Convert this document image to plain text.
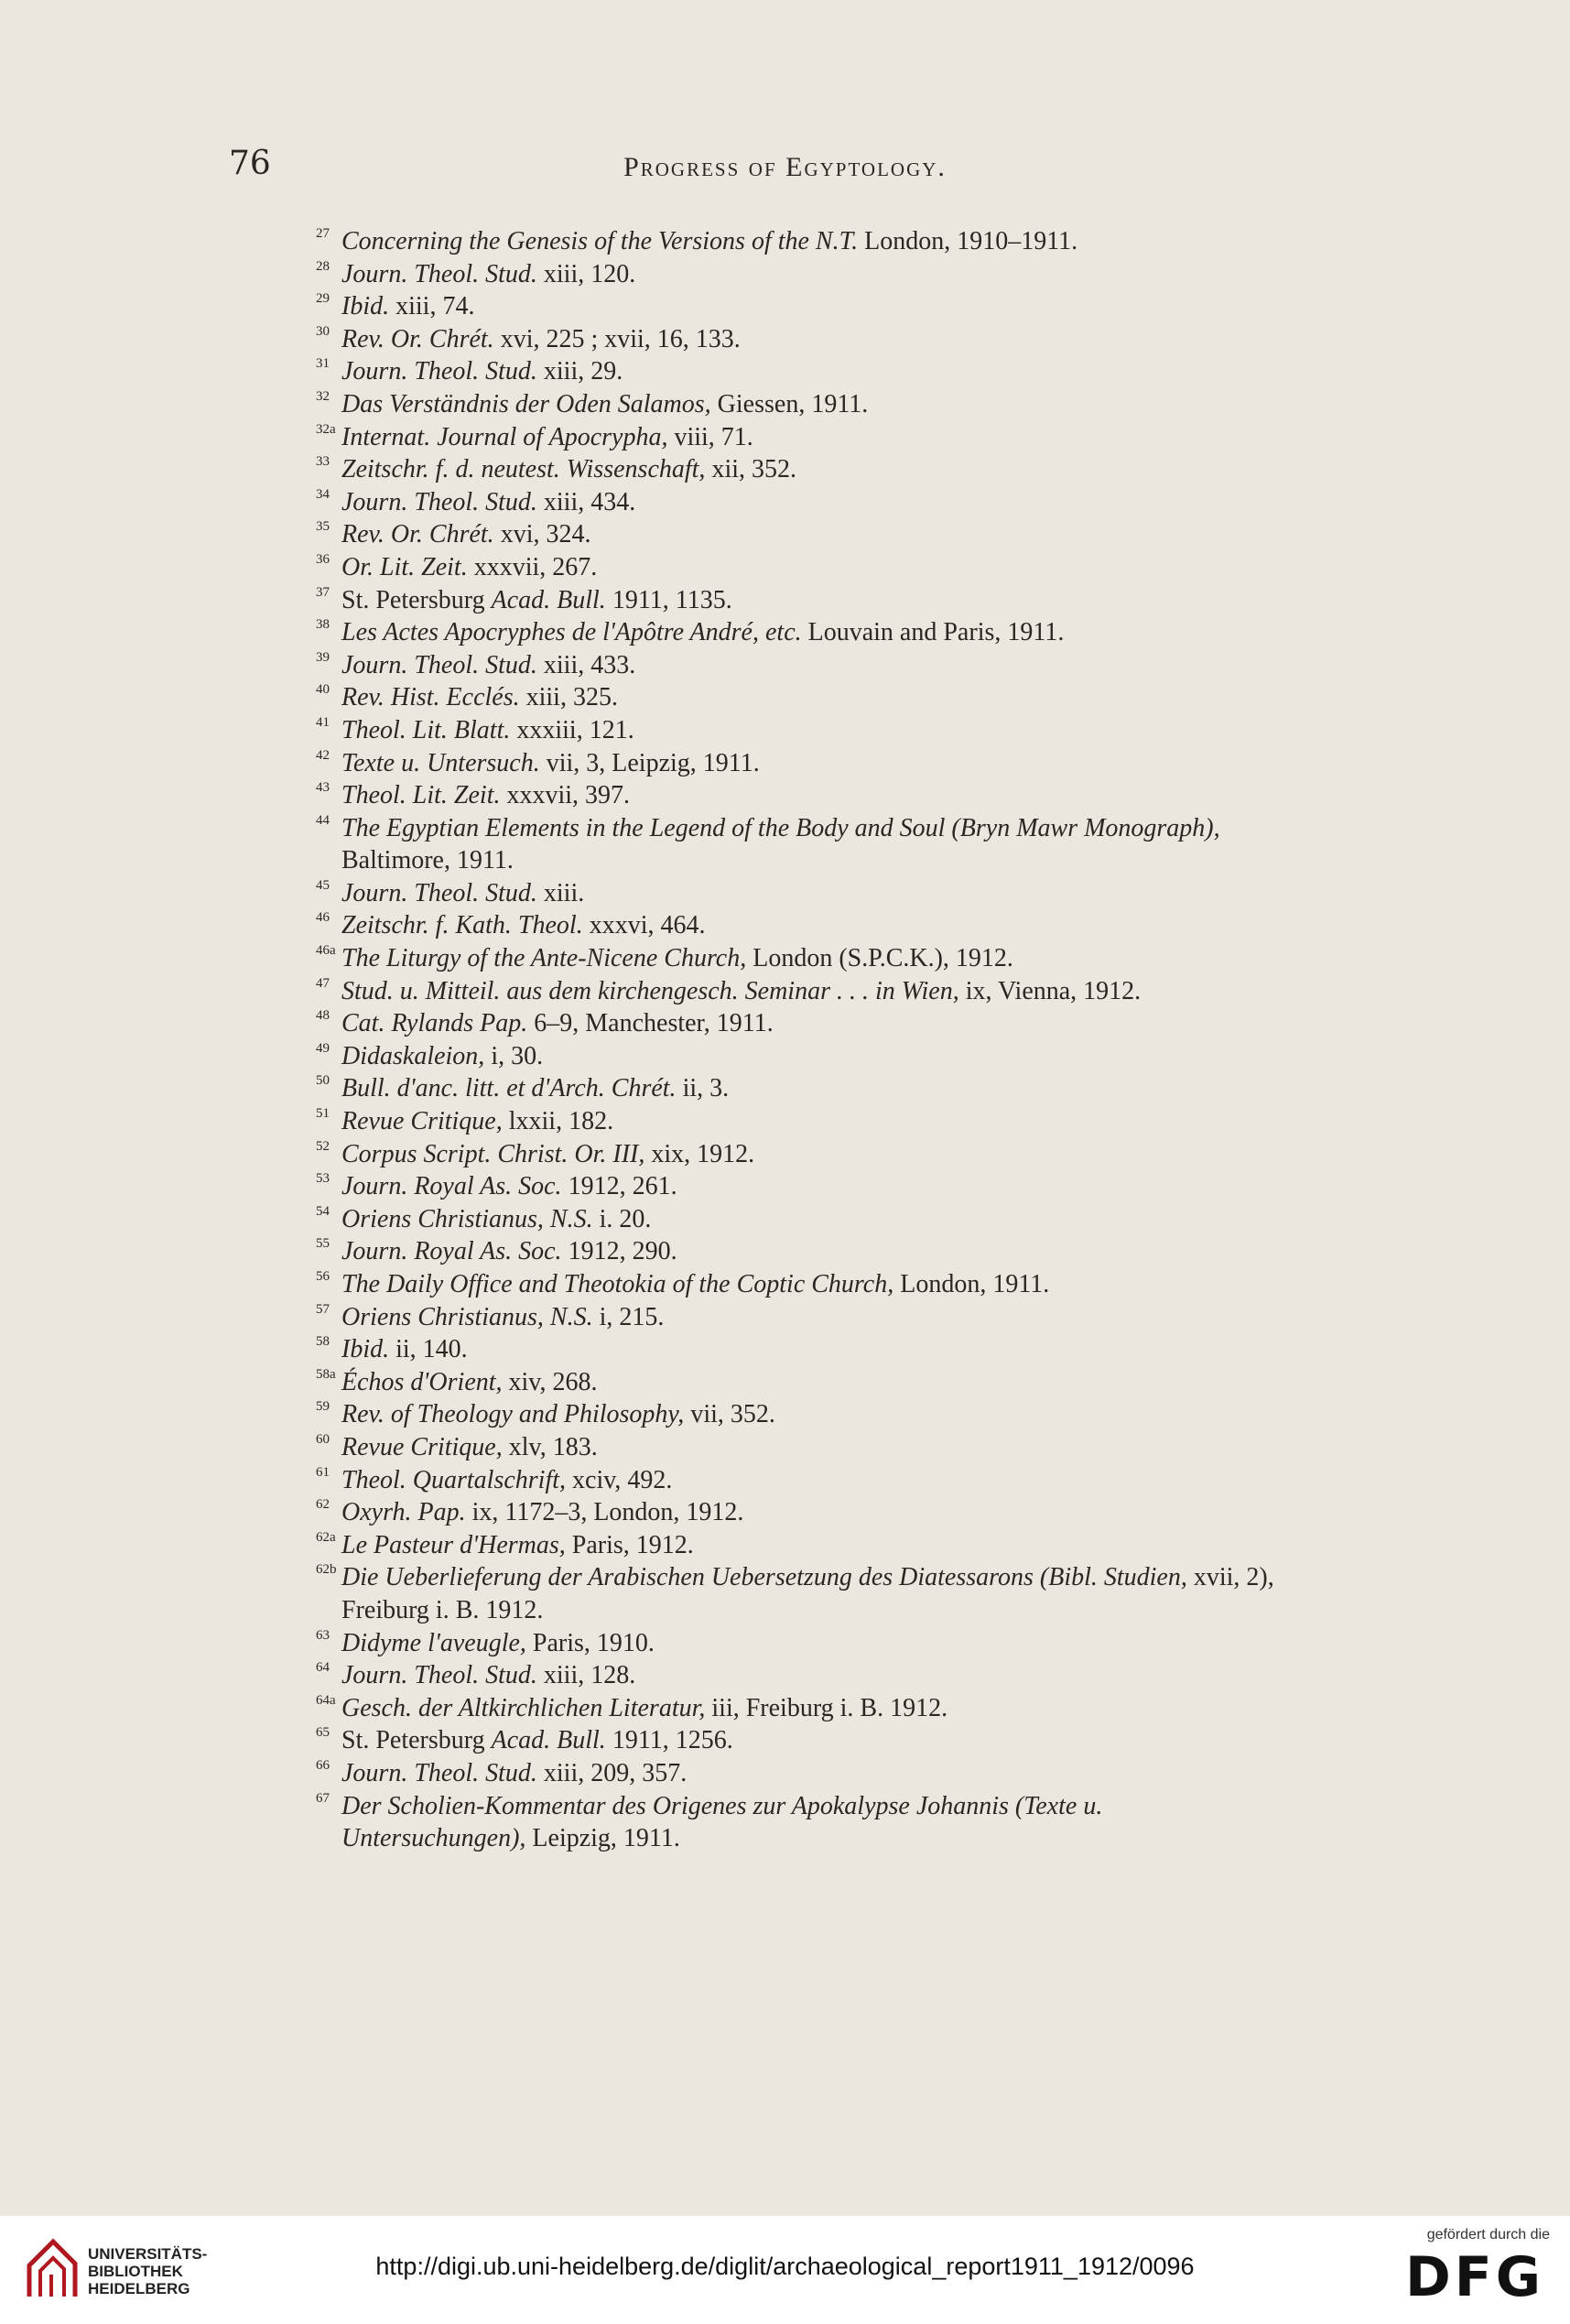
76	Progress of Egyptology.
27 Concerning the Genesis of the Versions of the N.T. London, 1910–1911.
28 Journ. Theol. Stud. xiii, 120.
29 Ibid. xiii, 74.
30 Rev. Or. Chrét. xvi, 225 ; xvii, 16, 133.
31 Journ. Theol. Stud. xiii, 29.
32 Das Verständnis der Oden Salamos, Giessen, 1911.
32a Internat. Journal of Apocrypha, viii, 71.
33 Zeitschr. f. d. neutest. Wissenschaft, xii, 352.
34 Journ. Theol. Stud. xiii, 434.
35 Rev. Or. Chrét. xvi, 324.
36 Or. Lit. Zeit. xxxvii, 267.
37 St. Petersburg Acad. Bull. 1911, 1135.
38 Les Actes Apocryphes de l'Apôtre André, etc. Louvain and Paris, 1911.
39 Journ. Theol. Stud. xiii, 433.
40 Rev. Hist. Ecclés. xiii, 325.
41 Theol. Lit. Blatt. xxxiii, 121.
42 Texte u. Untersuch. vii, 3, Leipzig, 1911.
43 Theol. Lit. Zeit. xxxvii, 397.
44 The Egyptian Elements in the Legend of the Body and Soul (Bryn Mawr Monograph), Baltimore, 1911.
45 Journ. Theol. Stud. xiii.
46 Zeitschr. f. Kath. Theol. xxxvi, 464.
46a The Liturgy of the Ante-Nicene Church, London (S.P.C.K.), 1912.
47 Stud. u. Mitteil. aus dem kirchengesch. Seminar . . . in Wien, ix, Vienna, 1912.
48 Cat. Rylands Pap. 6–9, Manchester, 1911.
49 Didaskaleion, i, 30.
50 Bull. d'anc. litt. et d'Arch. Chrét. ii, 3.
51 Revue Critique, lxxii, 182.
52 Corpus Script. Christ. Or. III, xix, 1912.
53 Journ. Royal As. Soc. 1912, 261.
54 Oriens Christianus, N.S. i. 20.
55 Journ. Royal As. Soc. 1912, 290.
56 The Daily Office and Theotokia of the Coptic Church, London, 1911.
57 Oriens Christianus, N.S. i, 215.
58 Ibid. ii, 140.
58a Échos d'Orient, xiv, 268.
59 Rev. of Theology and Philosophy, vii, 352.
60 Revue Critique, xlv, 183.
61 Theol. Quartalschrift, xciv, 492.
62 Oxyrh. Pap. ix, 1172–3, London, 1912.
62a Le Pasteur d'Hermas, Paris, 1912.
62b Die Ueberlieferung der Arabischen Uebersetzung des Diatessarons (Bibl. Studien, xvii, 2), Freiburg i. B. 1912.
63 Didyme l'aveugle, Paris, 1910.
64 Journ. Theol. Stud. xiii, 128.
64a Gesch. der Altkirchlichen Literatur, iii, Freiburg i. B. 1912.
65 St. Petersburg Acad. Bull. 1911, 1256.
66 Journ. Theol. Stud. xiii, 209, 357.
67 Der Scholien-Kommentar des Origenes zur Apokalypse Johannis (Texte u. Untersuchungen), Leipzig, 1911.
UNIVERSITÄTS-
BIBLIOTHEK
HEIDELBERG
http://digi.ub.uni-heidelberg.de/diglit/archaeological_report1911_1912/0096
gefördert durch die
DFG
